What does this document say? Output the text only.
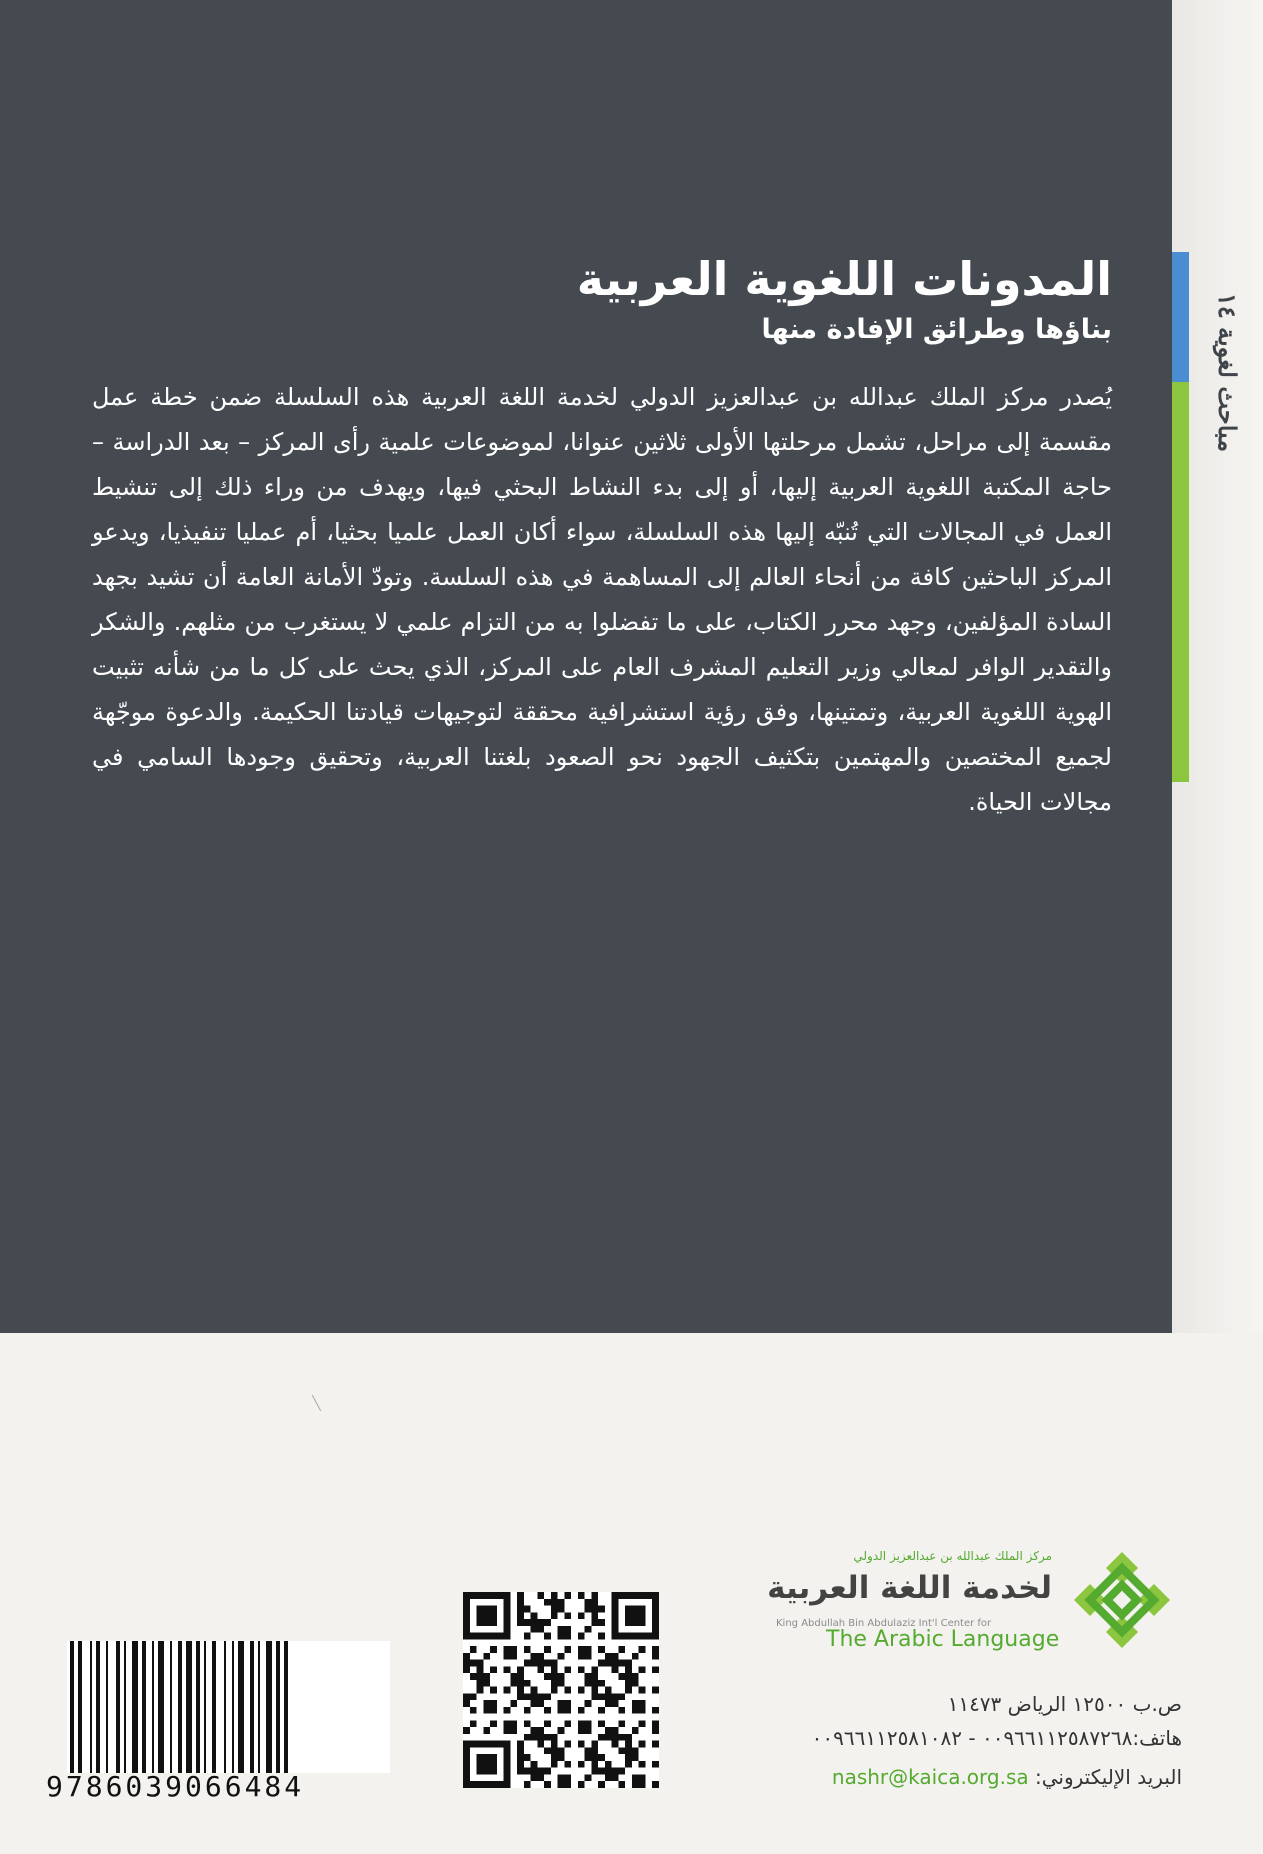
مباحث لغوية ١٤
المدونات اللغوية العربية
بناؤها وطرائق الإفادة منها
يُصدر مركز الملك عبدالله بن عبدالعزيز الدولي لخدمة اللغة العربية هذه السلسلة ضمن خطة عمل مقسمة إلى مراحل، تشمل مرحلتها الأولى ثلاثين عنوانا، لموضوعات علمية رأى المركز – بعد الدراسة – حاجة المكتبة اللغوية العربية إليها، أو إلى بدء النشاط البحثي فيها، ويهدف من وراء ذلك إلى تنشيط العمل في المجالات التي تُنبّه إليها هذه السلسلة، سواء أكان العمل علميا بحثيا، أم عمليا تنفيذيا، ويدعو المركز الباحثين كافة من أنحاء العالم إلى المساهمة في هذه السلسة. وتودّ الأمانة العامة أن تشيد بجهد السادة المؤلفين، وجهد محرر الكتاب، على ما تفضلوا به من التزام علمي لا يستغرب من مثلهم. والشكر والتقدير الوافر لمعالي وزير التعليم المشرف العام على المركز، الذي يحث على كل ما من شأنه تثبيت الهوية اللغوية العربية، وتمتينها، وفق رؤية استشرافية محققة لتوجيهات قيادتنا الحكيمة. والدعوة موجّهة لجميع المختصين والمهتمين بتكثيف الجهود نحو الصعود بلغتنا العربية، وتحقيق وجودها السامي في مجالات الحياة.
مركز الملك عبدالله بن عبدالعزيز الدولي
لخدمة اللغة العربية
King Abdullah Bin Abdulaziz Int'l Center for
The Arabic Language
ص.ب ١٢٥٠٠ الرياض ١١٤٧٣
هاتف:٠٠٩٦٦١١٢٥٨٧٢٦٨ - ٠٠٩٦٦١١٢٥٨١٠٨٢
البريد الإليكتروني: nashr@kaica.org.sa
9786039066484
